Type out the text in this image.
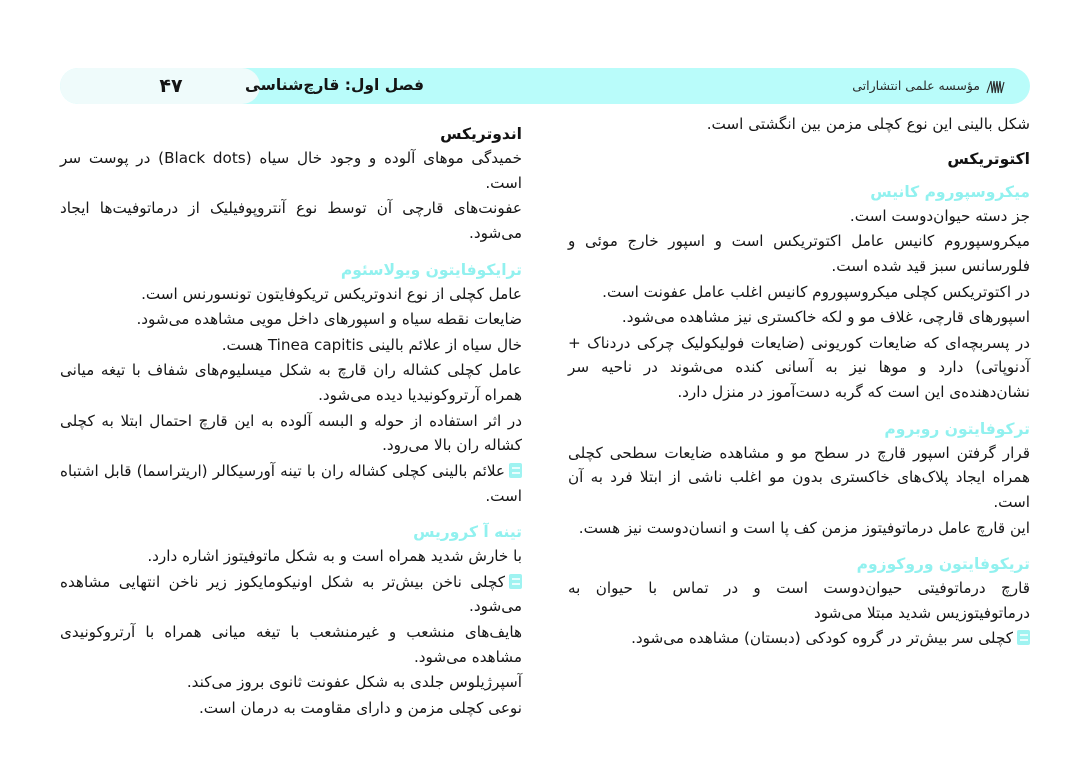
۴۷	فصل اول: قارچ‌شناسی	مؤسسه علمی انتشاراتی

شکل بالینی این نوع کچلی مزمن بین انگشتی است.

اکتوتریکس
میکروسپوروم کانیس

جز دسته حیوان‌دوست است.

میکروسپوروم کانیس عامل اکتوتریکس است و اسپور خارج موئی و فلورسانس سبز قید شده است.

در اکتوتریکس کچلی میکروسپوروم کانیس اغلب عامل عفونت است.

اسپورهای قارچی، غلاف مو و لکه خاکستری نیز مشاهده می‌شود.

در پسربچه‌ای که ضایعات کوریونی (ضایعات فولیکولیک چرکی دردناک + آدنوپاتی) دارد و موها نیز به آسانی کنده می‌شوند در ناحیه سر نشان‌دهنده‌ی این است که گربه دست‌آموز در منزل دارد.

ترکوفایتون روبروم

قرار گرفتن اسپور قارچ در سطح مو و مشاهده ضایعات سطحی کچلی همراه ایجاد پلاک‌های خاکستری بدون مو اغلب ناشی از ابتلا فرد به آن است.

این قارچ عامل درماتوفیتوز مزمن کف پا است و انسان‌دوست نیز هست.

تریکوفایتون وروکوزوم

قارچ درماتوفیتی حیوان‌دوست است و در تماس با حیوان به درماتوفیتوزیس شدید مبتلا می‌شود

کچلی سر بیش‌تر در گروه کودکی (دبستان) مشاهده می‌شود.

اندوتریکس

خمیدگی موهای آلوده و وجود خال سیاه (Black dots) در پوست سر است.

عفونت‌های قارچی آن توسط نوع آنتروپوفیلیک از درماتوفیت‌ها ایجاد می‌شود.

ترایکوفایتون ویولاسئوم

عامل کچلی از نوع اندوتریکس تریکوفایتون تونسورنس است.

ضایعات نقطه سیاه و اسپورهای داخل مویی مشاهده می‌شود.

خال سیاه از علائم بالینی Tinea capitis هست.

عامل کچلی کشاله ران قارچ به شکل میسلیوم‌های شفاف با تیغه میانی همراه آرتروکونیدیا دیده می‌شود.

در اثر استفاده از حوله و البسه آلوده به این قارچ احتمال ابتلا به کچلی کشاله ران بالا می‌رود.

علائم بالینی کچلی کشاله ران با تینه آورسیکالر (اریتراسما) قابل اشتباه است.

تینه آ کروریس

با خارش شدید همراه است و به شکل ماتوفیتوز اشاره دارد.

کچلی ناخن بیش‌تر به شکل اونیکومایکوز زیر ناخن انتهایی مشاهده می‌شود.

هایف‌های منشعب و غیرمنشعب با تیغه میانی همراه با آرتروکونیدی مشاهده می‌شود.

آسپرژیلوس جلدی به شکل عفونت ثانوی بروز می‌کند.

نوعی کچلی مزمن و دارای مقاومت به درمان است.
